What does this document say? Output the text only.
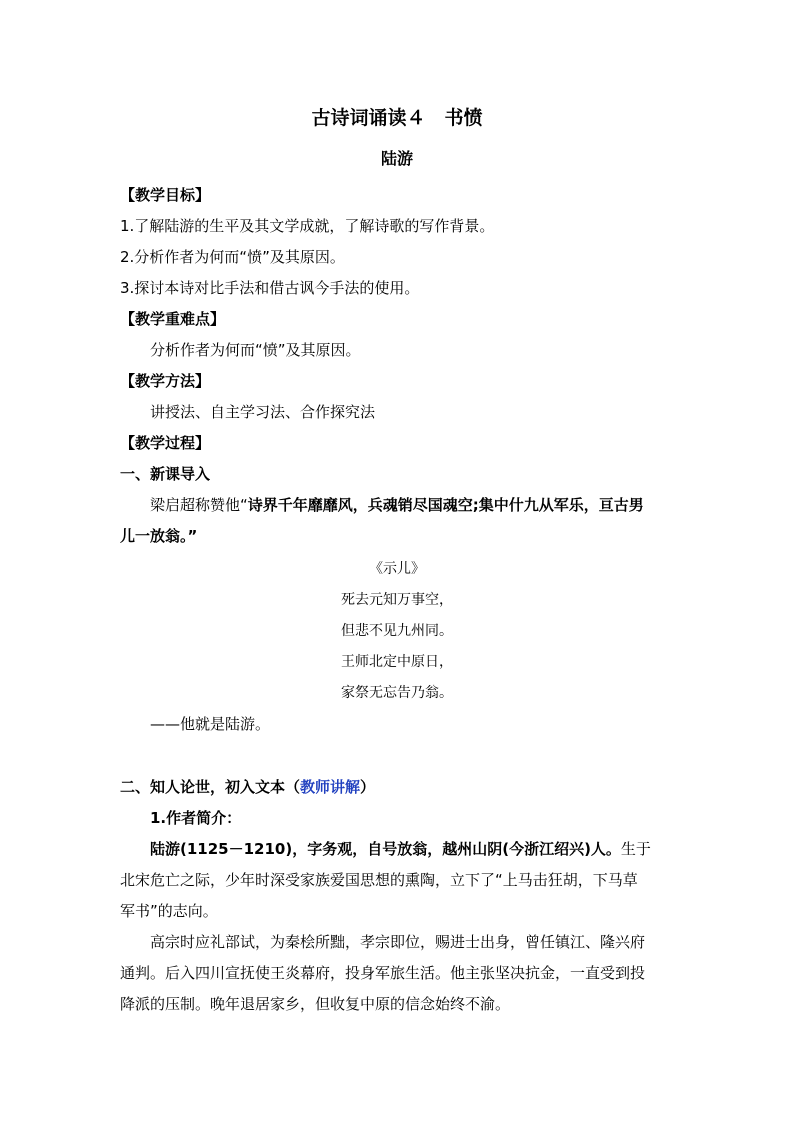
古诗词诵读４　书愤
陆游
【教学目标】
1.了解陆游的生平及其文学成就，了解诗歌的写作背景。
2.分析作者为何而“愤”及其原因。
3.探讨本诗对比手法和借古讽今手法的使用。
【教学重难点】
分析作者为何而“愤”及其原因。
【教学方法】
讲授法、自主学习法、合作探究法
【教学过程】
一、新课导入
梁启超称赞他“诗界千年靡靡风，兵魂销尽国魂空;集中什九从军乐，亘古男
儿一放翁。”
《示儿》
死去元知万事空，
但悲不见九州同。
王师北定中原日，
家祭无忘告乃翁。
——他就是陆游。
二、知人论世，初入文本（教师讲解）
1.作者简介：
陆游(1125－1210)，字务观，自号放翁，越州山阴(今浙江绍兴)人。生于
北宋危亡之际，少年时深受家族爱国思想的熏陶，立下了“上马击狂胡，下马草
军书”的志向。
高宗时应礼部试，为秦桧所黜，孝宗即位，赐进士出身，曾任镇江、隆兴府
通判。后入四川宣抚使王炎幕府，投身军旅生活。他主张坚决抗金，一直受到投
降派的压制。晚年退居家乡，但收复中原的信念始终不渝。
